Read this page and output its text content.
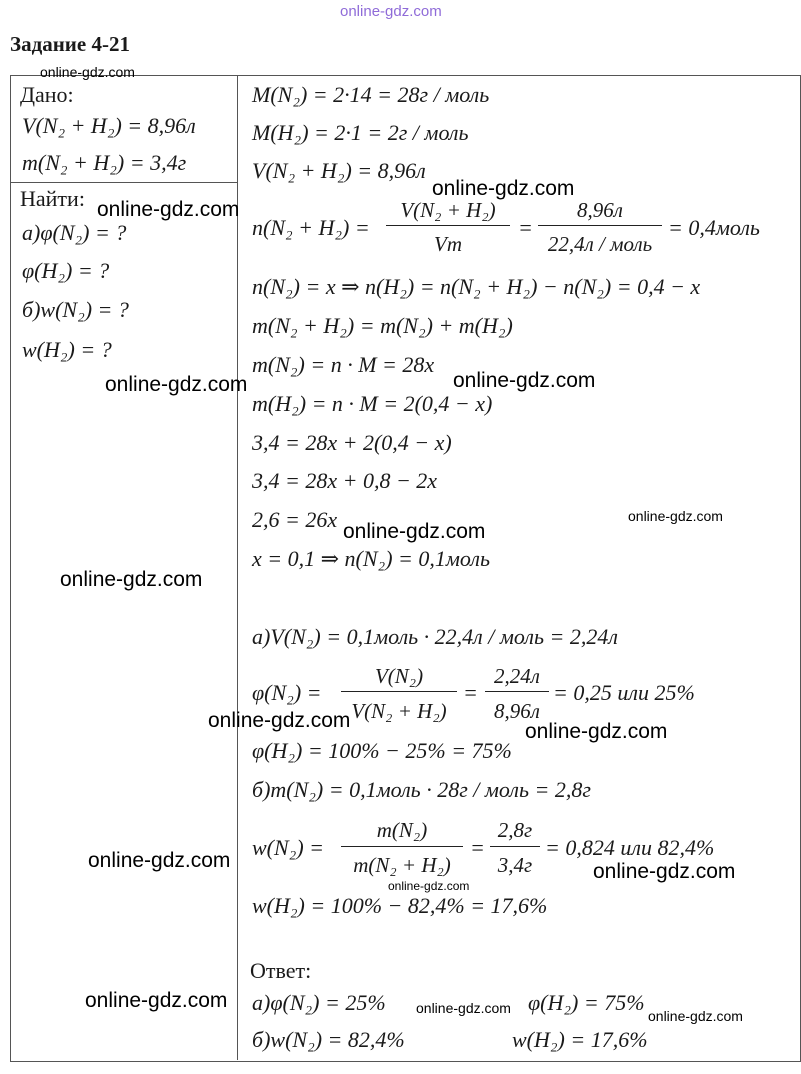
online-gdz.com
Задание 4-21
Дано:
V(N₂ + H₂) = 8,96л
m(N₂ + H₂) = 3,4г
Найти:
а)φ(N₂) = ?
φ(H₂) = ?
б)w(N₂) = ?
w(H₂) = ?
M(N₂) = 2·14 = 28г / моль
M(H₂) = 2·1 = 2г / моль
V(N₂ + H₂) = 8,96л
n(N₂ + H₂) =
V(N₂ + H₂)
Vm
=
8,96л
22,4л / моль
= 0,4моль
n(N₂) = x ⇒ n(H₂) = n(N₂ + H₂) − n(N₂) = 0,4 − x
m(N₂ + H₂) = m(N₂) + m(H₂)
m(N₂) = n · M = 28x
m(H₂) = n · M = 2(0,4 − x)
3,4 = 28x + 2(0,4 − x)
3,4 = 28x + 0,8 − 2x
2,6 = 26x
x = 0,1 ⇒ n(N₂) = 0,1моль
а)V(N₂) = 0,1моль · 22,4л / моль = 2,24л
φ(N₂) =
V(N₂)
V(N₂ + H₂)
=
2,24л
8,96л
= 0,25 или 25%
φ(H₂) = 100% − 25% = 75%
б)m(N₂) = 0,1моль · 28г / моль = 2,8г
w(N₂) =
m(N₂)
m(N₂ + H₂)
=
2,8г
3,4г
= 0,824 или 82,4%
w(H₂) = 100% − 82,4% = 17,6%
Ответ:
а)φ(N₂) = 25%	φ(H₂) = 75%
б)w(N₂) = 82,4%	w(H₂) = 17,6%
online-gdz.com
online-gdz.com
online-gdz.com
online-gdz.com	online-gdz.com
online-gdz.com
online-gdz.com
online-gdz.com
online-gdz.com	online-gdz.com
online-gdz.com	online-gdz.com
online-gdz.com
online-gdz.com	online-gdz.com	online-gdz.com
